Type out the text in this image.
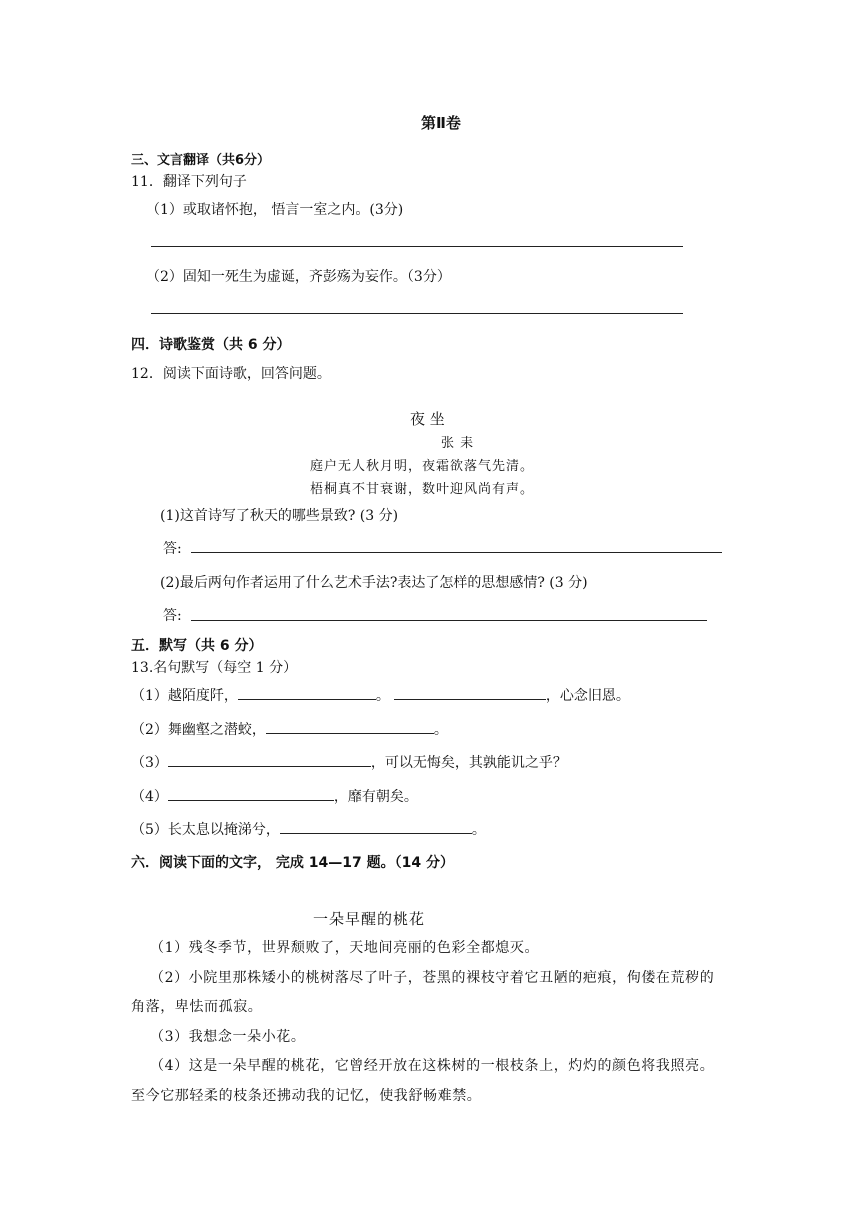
第Ⅱ卷
三、文言翻译（共6分）
11．翻译下列句子
（1）或取诸怀抱， 悟言一室之内。(3分)
（2）固知一死生为虚诞，齐彭殇为妄作。（3分）
四．诗歌鉴赏（共 6 分）
12．阅读下面诗歌，回答问题。
夜 坐
张 耒
庭户无人秋月明，夜霜欲落气先清。
梧桐真不甘衰谢，数叶迎风尚有声。
(1)这首诗写了秋天的哪些景致? (3 分)
答:
(2)最后两句作者运用了什么艺术手法?表达了怎样的思想感情? (3 分)
答:
五．默写（共 6 分）
13.名句默写（每空 1 分）
（1）越陌度阡，	。	，心念旧恩。
（2）舞幽壑之潜蛟，	。
（3）	，可以无悔矣，其孰能讥之乎？
（4）	，靡有朝矣。
（5）长太息以掩涕兮，	。
六．阅读下面的文字， 完成 14—17 题。（14 分）
一朵早醒的桃花
（1）残冬季节，世界颓败了，天地间亮丽的色彩全都熄灭。
（2）小院里那株矮小的桃树落尽了叶子，苍黑的裸枝守着它丑陋的疤痕，佝偻在荒秽的
角落，卑怯而孤寂。
（3）我想念一朵小花。
（4）这是一朵早醒的桃花，它曾经开放在这株树的一根枝条上，灼灼的颜色将我照亮。
至今它那轻柔的枝条还拂动我的记忆，使我舒畅难禁。
